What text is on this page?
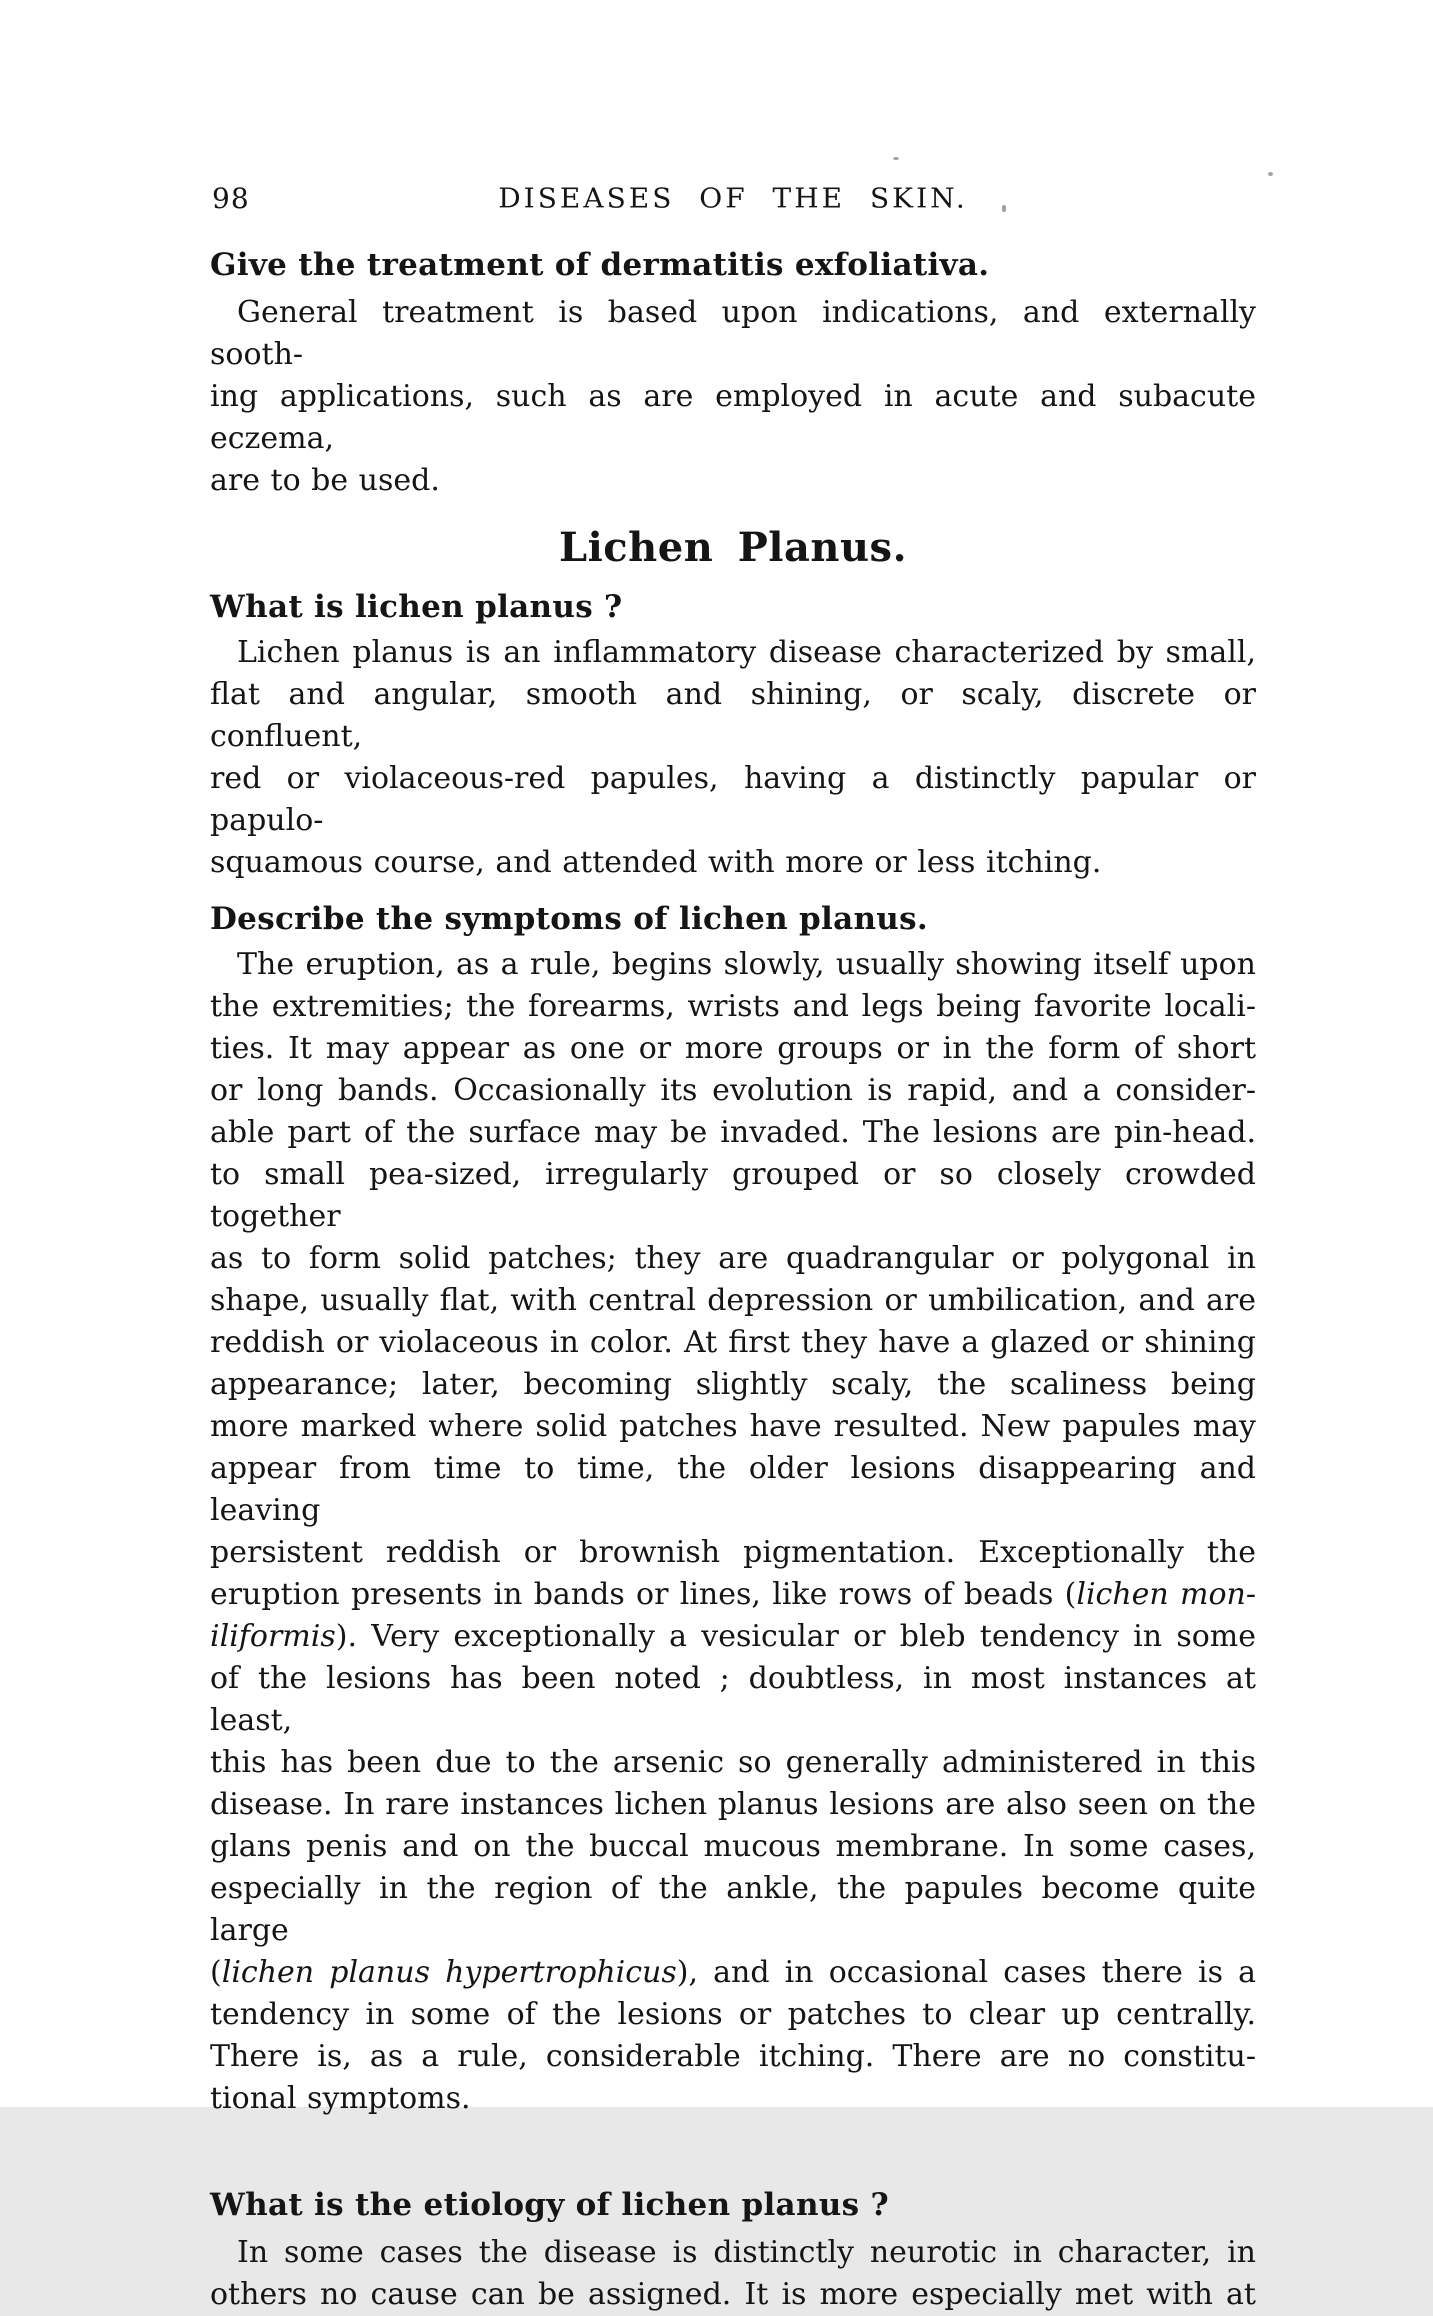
98	DISEASES OF THE SKIN.
Give the treatment of dermatitis exfoliativa.
General treatment is based upon indications, and externally sooth-
ing applications, such as are employed in acute and subacute eczema,
are to be used.
Lichen Planus.
What is lichen planus ?
Lichen planus is an inflammatory disease characterized by small,
flat and angular, smooth and shining, or scaly, discrete or confluent,
red or violaceous-red papules, having a distinctly papular or papulo-
squamous course, and attended with more or less itching.
Describe the symptoms of lichen planus.
The eruption, as a rule, begins slowly, usually showing itself upon
the extremities; the forearms, wrists and legs being favorite locali-
ties. It may appear as one or more groups or in the form of short
or long bands. Occasionally its evolution is rapid, and a consider-
able part of the surface may be invaded. The lesions are pin-head.
to small pea-sized, irregularly grouped or so closely crowded together
as to form solid patches; they are quadrangular or polygonal in
shape, usually flat, with central depression or umbilication, and are
reddish or violaceous in color. At first they have a glazed or shining
appearance; later, becoming slightly scaly, the scaliness being
more marked where solid patches have resulted. New papules may
appear from time to time, the older lesions disappearing and leaving
persistent reddish or brownish pigmentation. Exceptionally the
eruption presents in bands or lines, like rows of beads (lichen mon-
iliformis). Very exceptionally a vesicular or bleb tendency in some
of the lesions has been noted ; doubtless, in most instances at least,
this has been due to the arsenic so generally administered in this
disease. In rare instances lichen planus lesions are also seen on the
glans penis and on the buccal mucous membrane. In some cases,
especially in the region of the ankle, the papules become quite large
(lichen planus hypertrophicus), and in occasional cases there is a
tendency in some of the lesions or patches to clear up centrally.
There is, as a rule, considerable itching. There are no constitu-
tional symptoms.
What is the etiology of lichen planus ?
In some cases the disease is distinctly neurotic in character, in
others no cause can be assigned. It is more especially met with at
